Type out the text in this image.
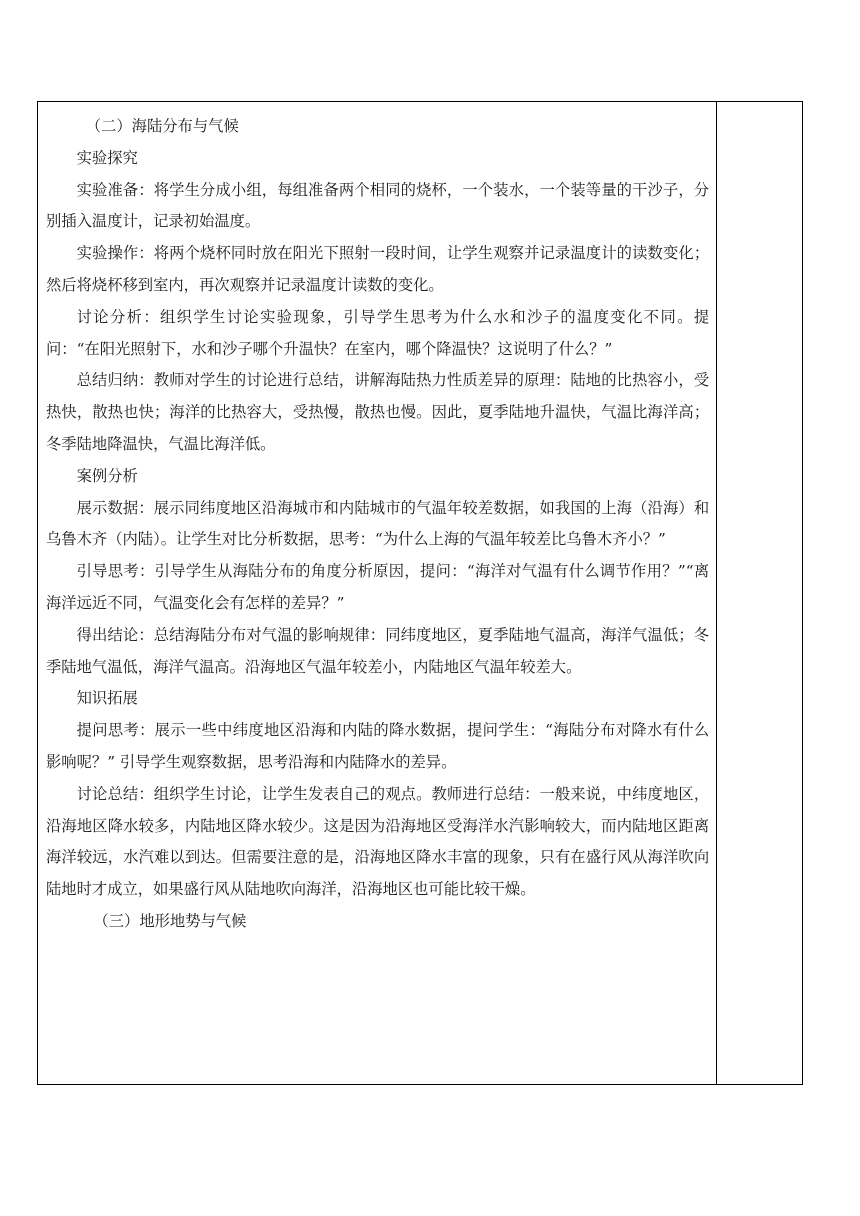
（二）海陆分布与气候

实验探究

实验准备：将学生分成小组，每组准备两个相同的烧杯，一个装水，一个装等量的干沙子，分别插入温度计，记录初始温度。

实验操作：将两个烧杯同时放在阳光下照射一段时间，让学生观察并记录温度计的读数变化；然后将烧杯移到室内，再次观察并记录温度计读数的变化。

讨论分析：组织学生讨论实验现象，引导学生思考为什么水和沙子的温度变化不同。提问：“在阳光照射下，水和沙子哪个升温快？在室内，哪个降温快？这说明了什么？”

总结归纳：教师对学生的讨论进行总结，讲解海陆热力性质差异的原理：陆地的比热容小，受热快，散热也快；海洋的比热容大，受热慢，散热也慢。因此，夏季陆地升温快，气温比海洋高；冬季陆地降温快，气温比海洋低。

案例分析

展示数据：展示同纬度地区沿海城市和内陆城市的气温年较差数据，如我国的上海（沿海）和乌鲁木齐（内陆）。让学生对比分析数据，思考：“为什么上海的气温年较差比乌鲁木齐小？”

引导思考：引导学生从海陆分布的角度分析原因，提问：“海洋对气温有什么调节作用？”“离海洋远近不同，气温变化会有怎样的差异？”

得出结论：总结海陆分布对气温的影响规律：同纬度地区，夏季陆地气温高，海洋气温低；冬季陆地气温低，海洋气温高。沿海地区气温年较差小，内陆地区气温年较差大。

知识拓展

提问思考：展示一些中纬度地区沿海和内陆的降水数据，提问学生：“海陆分布对降水有什么影响呢？” 引导学生观察数据，思考沿海和内陆降水的差异。

讨论总结：组织学生讨论，让学生发表自己的观点。教师进行总结：一般来说，中纬度地区，沿海地区降水较多，内陆地区降水较少。这是因为沿海地区受海洋水汽影响较大，而内陆地区距离海洋较远，水汽难以到达。但需要注意的是，沿海地区降水丰富的现象，只有在盛行风从海洋吹向陆地时才成立，如果盛行风从陆地吹向海洋，沿海地区也可能比较干燥。

（三）地形地势与气候
